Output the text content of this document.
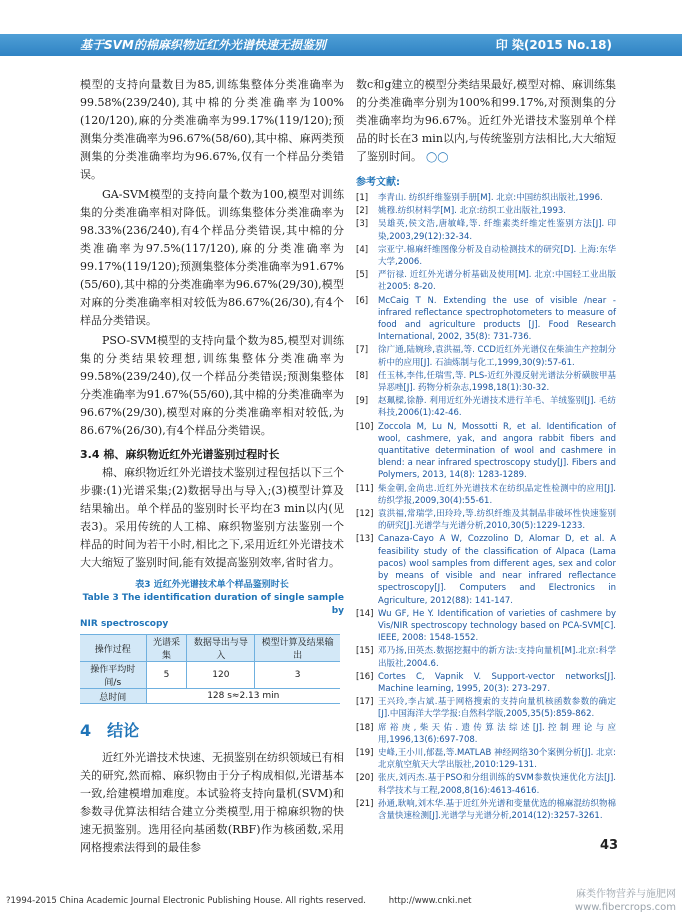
基于SVM的棉麻织物近红外光谱快速无损鉴别	印 染(2015 No.18)

模型的支持向量数目为85,训练集整体分类准确率为99.58%(239/240),其中棉的分类准确率为100%(120/120),麻的分类准确率为99.17%(119/120);预测集分类准确率为96.67%(58/60),其中棉、麻两类预测集的分类准确率均为96.67%,仅有一个样品分类错误。

GA-SVM模型的支持向量个数为100,模型对训练集的分类准确率相对降低。训练集整体分类准确率为98.33%(236/240),有4个样品分类错误,其中棉的分类准确率为97.5%(117/120),麻的分类准确率为99.17%(119/120);预测集整体分类准确率为91.67%(55/60),其中棉的分类准确率为96.67%(29/30),模型对麻的分类准确率相对较低为86.67%(26/30),有4个样品分类错误。

PSO-SVM模型的支持向量个数为85,模型对训练集的分类结果较理想,训练集整体分类准确率为99.58%(239/240),仅一个样品分类错误;预测集整体分类准确率为91.67%(55/60),其中棉的分类准确率为96.67%(29/30),模型对麻的分类准确率相对较低,为86.67%(26/30),有4个样品分类错误。

3.4 棉、麻织物近红外光谱鉴别过程时长

棉、麻织物近红外光谱技术鉴别过程包括以下三个步骤:(1)光谱采集;(2)数据导出与导入;(3)模型计算及结果输出。单个样品的鉴别时长平均在3 min以内(见表3)。采用传统的人工棉、麻织物鉴别方法鉴别一个样品的时间为若干小时,相比之下,采用近红外光谱技术大大缩短了鉴别时间,能有效提高鉴别效率,省时省力。

表3 近红外光谱技术单个样品鉴别时长
Table 3 The identification duration of single sample by
NIR spectroscopy
操作过程	光谱采集	数据导出与导入	模型计算及结果输出
操作平均时间/s	5	120	3
总时间	128 s≈2.13 min		
4 结论

近红外光谱技术快速、无损鉴别在纺织领域已有相关的研究,然而棉、麻织物由于分子构成相似,光谱基本一致,给建模增加难度。本试验将支持向量机(SVM)和参数寻优算法相结合建立分类模型,用于棉麻织物的快速无损鉴别。选用径向基函数(RBF)作为核函数,采用网格搜索法得到的最佳参

数c和g建立的模型分类结果最好,模型对棉、麻训练集的分类准确率分别为100%和99.17%,对预测集的分类准确率均为96.67%。近红外光谱技术鉴别单个样品的时长在3 min以内,与传统鉴别方法相比,大大缩短了鉴别时间。 ◯◯

参考文献:
[1]	李青山. 纺织纤维鉴别手册[M]. 北京:中国纺织出版社,1996.
[2]	姚穆.纺织材料学[M]. 北京:纺织工业出版社,1993.
[3]	吴雄英,侯文浩,唐敏峰,等. 纤维素类纤维定性鉴别方法[J]. 印染,2003,29(12):32-34.
[4]	宗亚宁.棉麻纤维图像分析及自动检测技术的研究[D]. 上海:东华大学,2006.
[5]	严衍禄. 近红外光谱分析基础及使用[M]. 北京:中国轻工业出版社2005: 8-20.
[6]	McCaig T N. Extending the use of visible /near - infrared reflectance spectrophotometers to measure of food and agriculture products [J]. Food Research International, 2002, 35(8): 731-736.
[7]	徐广通,陆婉珍,袁洪福,等. CCD近红外光谱仪在柴油生产控制分析中的应用[J]. 石油炼制与化工,1999,30(9):57-61.
[8]	任玉林,李伟,任瑞雪,等. PLS-近红外漫反射光谱法分析磺胺甲基异恶唑[J]. 药物分析杂志,1998,18(1):30-32.
[9]	赵珮樑,徐静. 利用近红外光谱技术进行羊毛、羊绒鉴别[J]. 毛纺科技,2006(1):42-46.
[10] Zoccola M, Lu N, Mossotti R, et al. Identification of wool, cashmere, yak, and angora rabbit fibers and quantitative determination of wool and cashmere in blend: a near infrared spectroscopy study[J]. Fibers and Polymers, 2013, 14(8): 1283-1289.
[11] 柴金朝,金尚忠.近红外光谱技术在纺织品定性检测中的应用[J].纺织学报,2009,30(4):55-61.
[12] 袁洪福,常瑞学,田玲玲,等.纺织纤维及其制品非破坏性快速鉴别的研究[J].光谱学与光谱分析,2010,30(5):1229-1233.
[13] Canaza-Cayo A W, Cozzolino D, Alomar D, et al. A feasibility study of the classification of Alpaca (Lama pacos) wool samples from different ages, sex and color by means of visible and near infrared reflectance spectroscopy[J]. Computers and Electronics in Agriculture, 2012(88): 141-147.
[14] Wu GF, He Y. Identification of varieties of cashmere by Vis/NIR spectroscopy technology based on PCA-SVM[C]. IEEE, 2008: 1548-1552.
[15] 邓乃扬,田英杰.数据挖掘中的新方法:支持向量机[M].北京:科学出版社,2004.6.
[16] Cortes C, Vapnik V. Support-vector networks[J]. Machine learning, 1995, 20(3): 273-297.
[17] 王兴玲,李占斌.基于网格搜索的支持向量机核函数参数的确定[J].中国海洋大学学报:自然科学版,2005,35(5):859-862.
[18] 席裕庚,柴天佑.遗传算法综述[J].控制理论与应用,1996,13(6):697-708.
[19] 史峰,王小川,郁磊,等.MATLAB 神经网络30个案例分析[J]. 北京:北京航空航天大学出版社,2010:129-131.
[20] 张庆,刘丙杰.基于PSO和分组训练的SVM参数快速优化方法[J].科学技术与工程,2008,8(16):4613-4616.
[21] 孙通,耿响,刘木华.基于近红外光谱和变量优选的棉麻混纺织物棉含量快速检测[J].光谱学与光谱分析,2014(12):3257-3261.
43
?1994-2015 China Academic Journal Electronic Publishing House. All rights reserved.	http://www.cnki.net
麻类作物营养与施肥网
www.fibercrops.com
